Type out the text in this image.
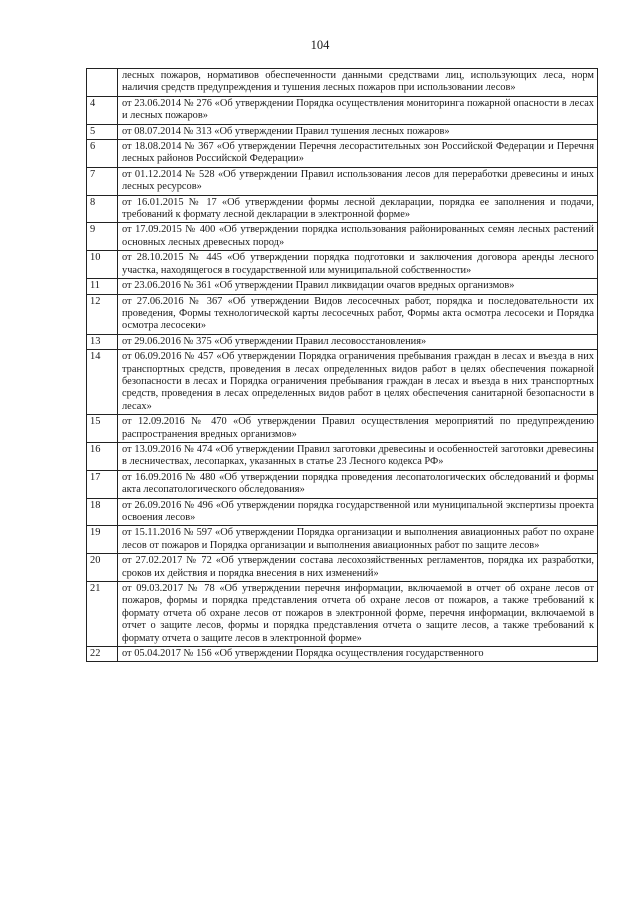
104
	лесных пожаров, нормативов обеспеченности данными средствами лиц, использующих леса, норм наличия средств предупреждения и тушения лесных пожаров при использовании лесов»
4	от 23.06.2014 № 276 «Об утверждении Порядка осуществления мониторинга пожарной опасности в лесах и лесных пожаров»
5	от 08.07.2014 № 313 «Об утверждении Правил тушения лесных пожаров»
6	от 18.08.2014 № 367 «Об утверждении Перечня лесорастительных зон Российской Федерации и Перечня лесных районов Российской Федерации»
7	от 01.12.2014 № 528 «Об утверждении Правил использования лесов для переработки древесины и иных лесных ресурсов»
8	от 16.01.2015 № 17 «Об утверждении формы лесной декларации, порядка ее заполнения и подачи, требований к формату лесной декларации в электронной форме»
9	от 17.09.2015 № 400 «Об утверждении порядка использования районированных семян лесных растений основных лесных древесных пород»
10	от 28.10.2015 № 445 «Об утверждении порядка подготовки и заключения договора аренды лесного участка, находящегося в государственной или муниципальной собственности»
11	от 23.06.2016 № 361 «Об утверждении Правил ликвидации очагов вредных организмов»
12	от 27.06.2016 № 367 «Об утверждении Видов лесосечных работ, порядка и последовательности их проведения, Формы технологической карты лесосечных работ, Формы акта осмотра лесосеки и Порядка осмотра лесосеки»
13	от 29.06.2016 № 375 «Об утверждении Правил лесовосстановления»
14	от 06.09.2016 № 457 «Об утверждении Порядка ограничения пребывания граждан в лесах и въезда в них транспортных средств, проведения в лесах определенных видов работ в целях обеспечения пожарной безопасности в лесах и Порядка ограничения пребывания граждан в лесах и въезда в них транспортных средств, проведения в лесах определенных видов работ в целях обеспечения санитарной безопасности в лесах»
15	от 12.09.2016 № 470 «Об утверждении Правил осуществления мероприятий по предупреждению распространения вредных организмов»
16	от 13.09.2016 № 474 «Об утверждении Правил заготовки древесины и особенностей заготовки древесины в лесничествах, лесопарках, указанных в статье 23 Лесного кодекса РФ»
17	от 16.09.2016 № 480 «Об утверждении порядка проведения лесопатологических обследований и формы акта лесопатологического обследования»
18	от 26.09.2016 № 496 «Об утверждении порядка государственной или муниципальной экспертизы проекта освоения лесов»
19	от 15.11.2016 № 597 «Об утверждении Порядка организации и выполнения авиационных работ по охране лесов от пожаров и Порядка организации и выполнения авиационных работ по защите лесов»
20	от 27.02.2017 № 72 «Об утверждении состава лесохозяйственных регламентов, порядка их разработки, сроков их действия и порядка внесения в них изменений»
21	от 09.03.2017 № 78 «Об утверждении перечня информации, включаемой в отчет об охране лесов от пожаров, формы и порядка представления отчета об охране лесов от пожаров, а также требований к формату отчета об охране лесов от пожаров в электронной форме, перечня информации, включаемой в отчет о защите лесов, формы и порядка представления отчета о защите лесов, а также требований к формату отчета о защите лесов в электронной форме»
22	от 05.04.2017 № 156 «Об утверждении Порядка осуществления государственного
